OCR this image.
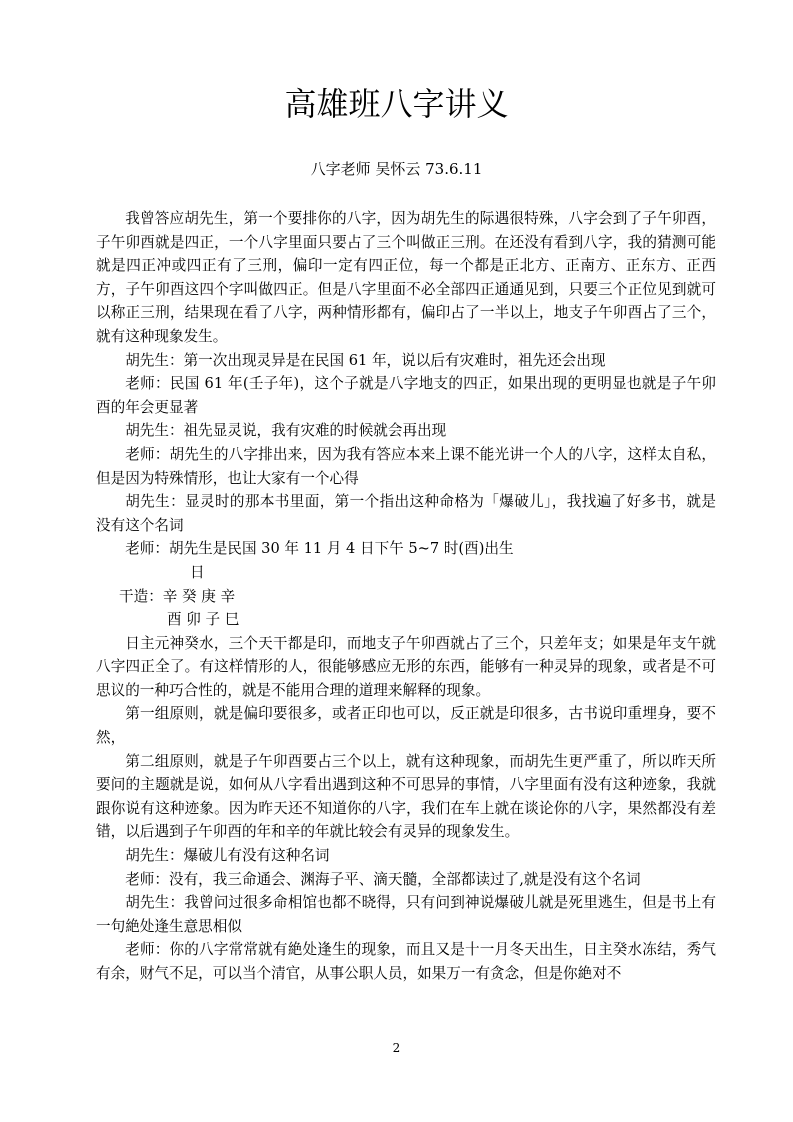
高雄班八字讲义
八字老师 吴怀云 73.6.11

我曾答应胡先生，第一个要排你的八字，因为胡先生的际遇很特殊，八字会到了子午卯酉，子午卯酉就是四正，一个八字里面只要占了三个叫做正三刑。在还没有看到八字，我的猜测可能就是四正冲或四正有了三刑，偏印一定有四正位，每一个都是正北方、正南方、正东方、正西方，子午卯酉这四个字叫做四正。但是八字里面不必全部四正通通见到，只要三个正位见到就可以称正三刑，结果现在看了八字，两种情形都有，偏印占了一半以上，地支子午卯酉占了三个，就有这种现象发生。

胡先生：第一次出现灵异是在民国 61 年，说以后有灾难时，祖先还会出现

老师：民国 61 年(壬子年)，这个子就是八字地支的四正，如果出现的更明显也就是子午卯酉的年会更显著

胡先生：祖先显灵说，我有灾难的时候就会再出现

老师：胡先生的八字排出来，因为我有答应本来上课不能光讲一个人的八字，这样太自私，但是因为特殊情形，也让大家有一个心得

胡先生：显灵时的那本书里面，第一个指出这种命格为「爆破儿」，我找遍了好多书，就是没有这个名词

老师：胡先生是民国 30 年 11 月 4 日下午 5~7 时(酉)出生

日
干造：辛 癸 庚 辛
酉 卯 子 巳

日主元神癸水，三个天干都是印，而地支子午卯酉就占了三个，只差年支；如果是年支午就八字四正全了。有这样情形的人，很能够感应无形的东西，能够有一种灵异的现象，或者是不可思议的一种巧合性的，就是不能用合理的道理来解释的现象。

第一组原则，就是偏印要很多，或者正印也可以，反正就是印很多，古书说印重埋身，要不然，

第二组原则，就是子午卯酉要占三个以上，就有这种现象，而胡先生更严重了，所以昨天所要问的主题就是说，如何从八字看出遇到这种不可思异的事情，八字里面有没有这种迹象，我就跟你说有这种迹象。因为昨天还不知道你的八字，我们在车上就在谈论你的八字，果然都没有差错，以后遇到子午卯酉的年和辛的年就比较会有灵异的现象发生。

胡先生：爆破儿有没有这种名词

老师：没有，我三命通会、渊海子平、滴天髓，全部都读过了,就是没有这个名词

胡先生：我曾问过很多命相馆也都不晓得，只有问到神说爆破儿就是死里逃生，但是书上有一句絶处逢生意思相似

老师：你的八字常常就有絶处逢生的现象，而且又是十一月冬天出生，日主癸水冻结，秀气有余，财气不足，可以当个清官，从事公职人员，如果万一有贪念，但是你絶对不

2
